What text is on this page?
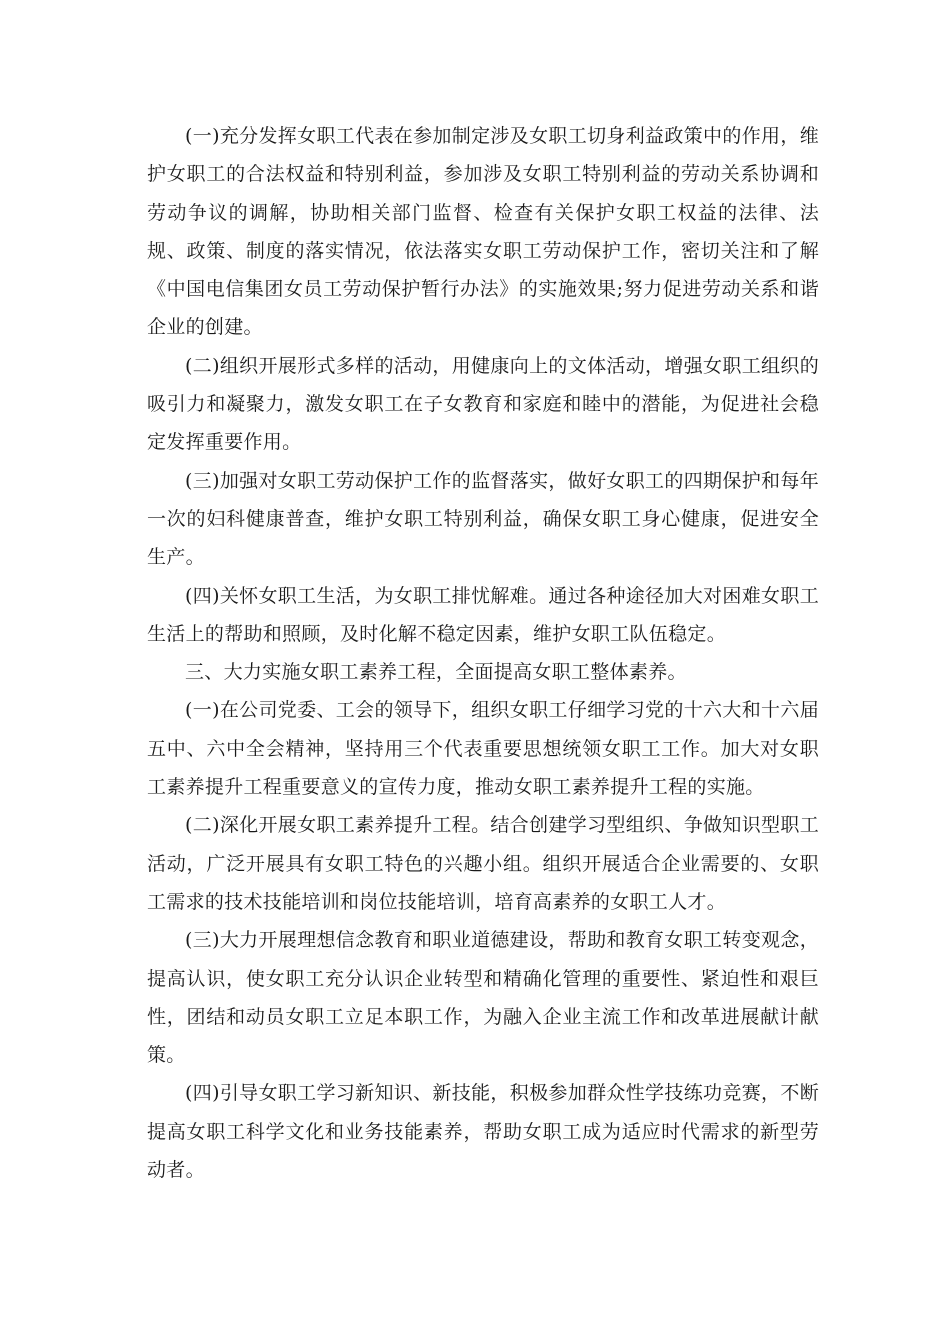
(一)充分发挥女职工代表在参加制定涉及女职工切身利益政策中的作用，维护女职工的合法权益和特别利益，参加涉及女职工特别利益的劳动关系协调和劳动争议的调解，协助相关部门监督、检查有关保护女职工权益的法律、法规、政策、制度的落实情况，依法落实女职工劳动保护工作，密切关注和了解《中国电信集团女员工劳动保护暂行办法》的实施效果;努力促进劳动关系和谐企业的创建。

(二)组织开展形式多样的活动，用健康向上的文体活动，增强女职工组织的吸引力和凝聚力，激发女职工在子女教育和家庭和睦中的潜能，为促进社会稳定发挥重要作用。

(三)加强对女职工劳动保护工作的监督落实，做好女职工的四期保护和每年一次的妇科健康普查，维护女职工特别利益，确保女职工身心健康，促进安全生产。

(四)关怀女职工生活，为女职工排忧解难。通过各种途径加大对困难女职工生活上的帮助和照顾，及时化解不稳定因素，维护女职工队伍稳定。

三、大力实施女职工素养工程，全面提高女职工整体素养。

(一)在公司党委、工会的领导下，组织女职工仔细学习党的十六大和十六届五中、六中全会精神，坚持用三个代表重要思想统领女职工工作。加大对女职工素养提升工程重要意义的宣传力度，推动女职工素养提升工程的实施。

(二)深化开展女职工素养提升工程。结合创建学习型组织、争做知识型职工活动，广泛开展具有女职工特色的兴趣小组。组织开展适合企业需要的、女职工需求的技术技能培训和岗位技能培训，培育高素养的女职工人才。

(三)大力开展理想信念教育和职业道德建设，帮助和教育女职工转变观念，提高认识，使女职工充分认识企业转型和精确化管理的重要性、紧迫性和艰巨性，团结和动员女职工立足本职工作，为融入企业主流工作和改革进展献计献策。

(四)引导女职工学习新知识、新技能，积极参加群众性学技练功竞赛，不断提高女职工科学文化和业务技能素养，帮助女职工成为适应时代需求的新型劳动者。
